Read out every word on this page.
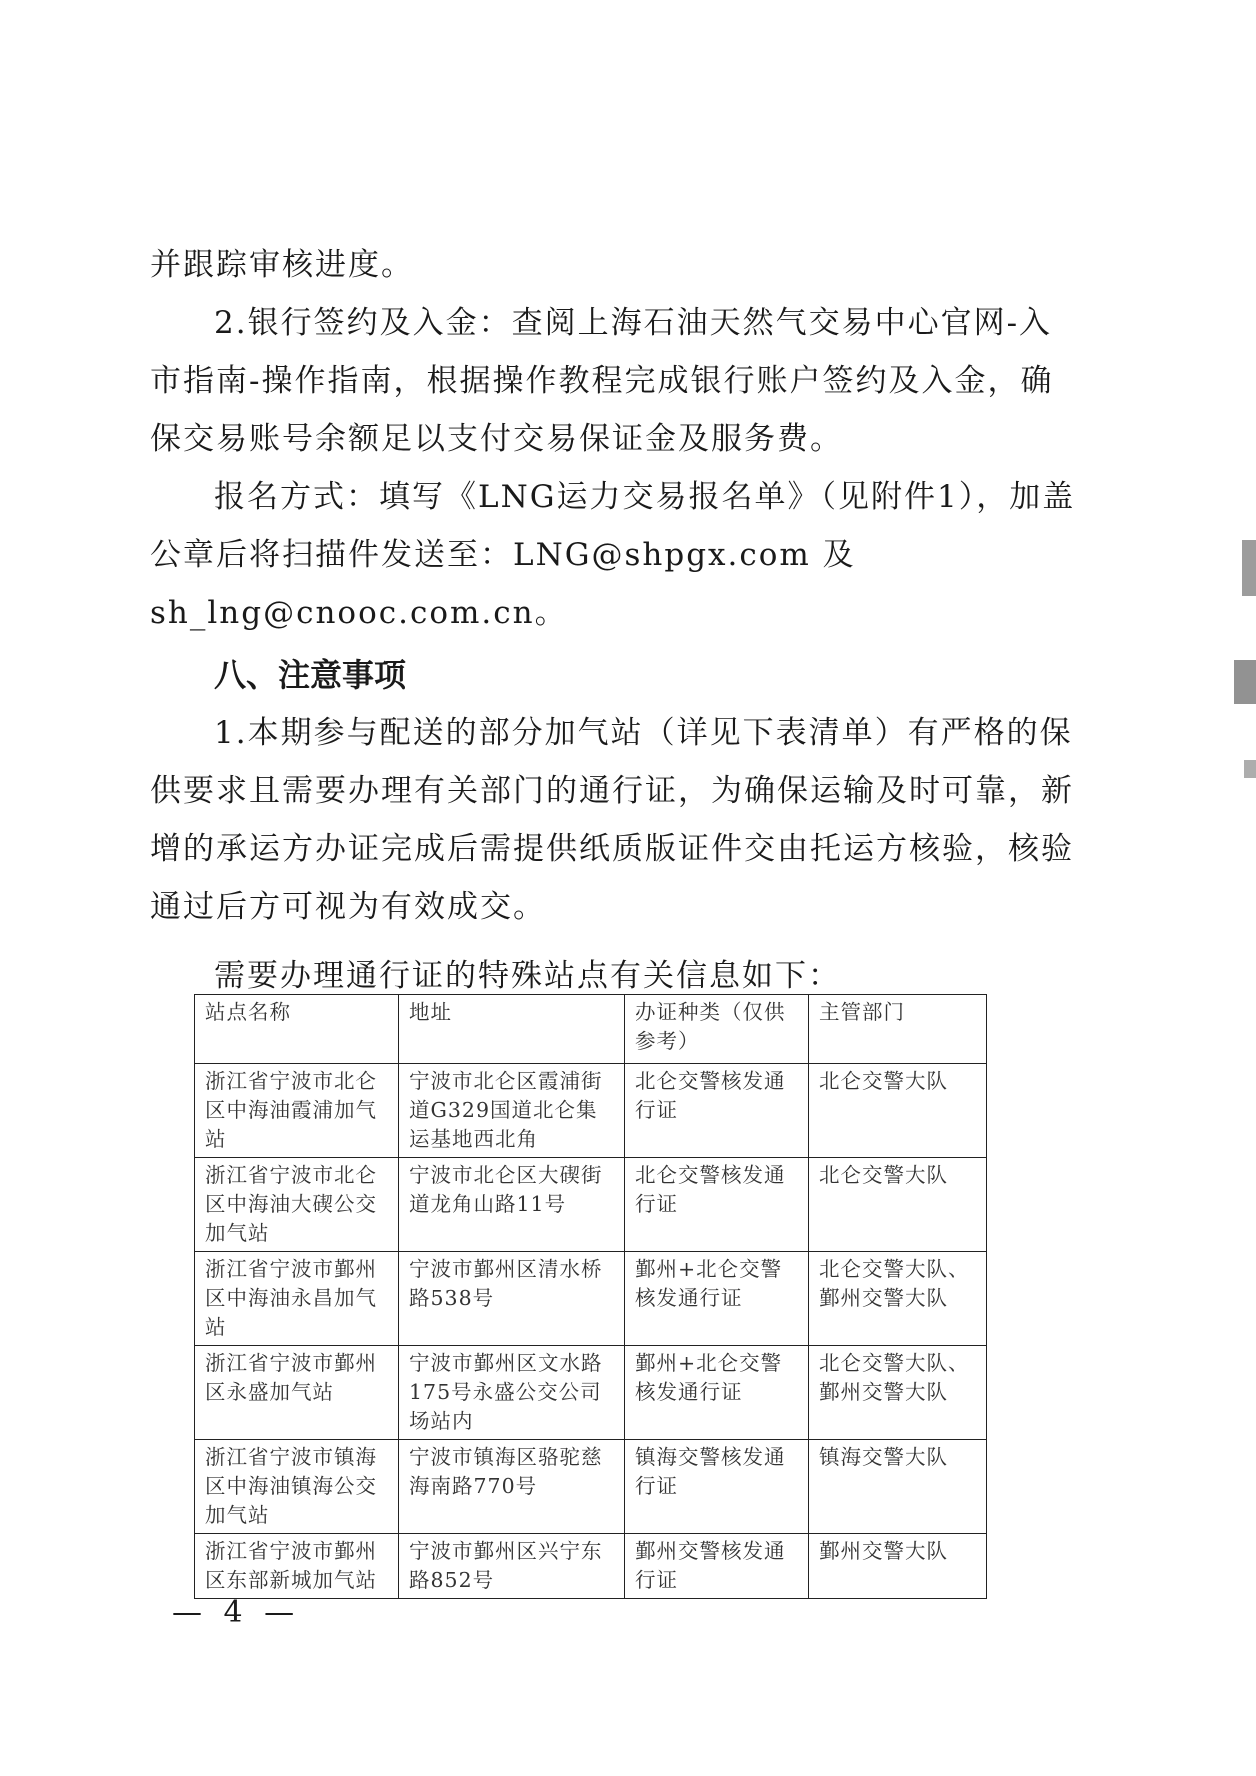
并跟踪审核进度。

2.银行签约及入金：查阅上海石油天然气交易中心官网-入市指南-操作指南，根据操作教程完成银行账户签约及入金，确保交易账号余额足以支付交易保证金及服务费。

报名方式：填写《LNG运力交易报名单》（见附件1），加盖公章后将扫描件发送至：LNG@shpgx.com 及 sh_lng@cnooc.com.cn。

八、注意事项

1.本期参与配送的部分加气站（详见下表清单）有严格的保供要求且需要办理有关部门的通行证，为确保运输及时可靠，新增的承运方办证完成后需提供纸质版证件交由托运方核验，核验通过后方可视为有效成交。

需要办理通行证的特殊站点有关信息如下：

站点名称	地址	办证种类（仅供参考）	主管部门
浙江省宁波市北仑区中海油霞浦加气站	宁波市北仑区霞浦街道G329国道北仑集运基地西北角	北仑交警核发通行证	北仑交警大队
浙江省宁波市北仑区中海油大碶公交加气站	宁波市北仑区大碶街道龙角山路11号	北仑交警核发通行证	北仑交警大队
浙江省宁波市鄞州区中海油永昌加气站	宁波市鄞州区清水桥路538号	鄞州+北仑交警核发通行证	北仑交警大队、鄞州交警大队
浙江省宁波市鄞州区永盛加气站	宁波市鄞州区文水路175号永盛公交公司场站内	鄞州+北仑交警核发通行证	北仑交警大队、鄞州交警大队
浙江省宁波市镇海区中海油镇海公交加气站	宁波市镇海区骆驼慈海南路770号	镇海交警核发通行证	镇海交警大队
浙江省宁波市鄞州区东部新城加气站	宁波市鄞州区兴宁东路852号	鄞州交警核发通行证	鄞州交警大队

— 4 —
